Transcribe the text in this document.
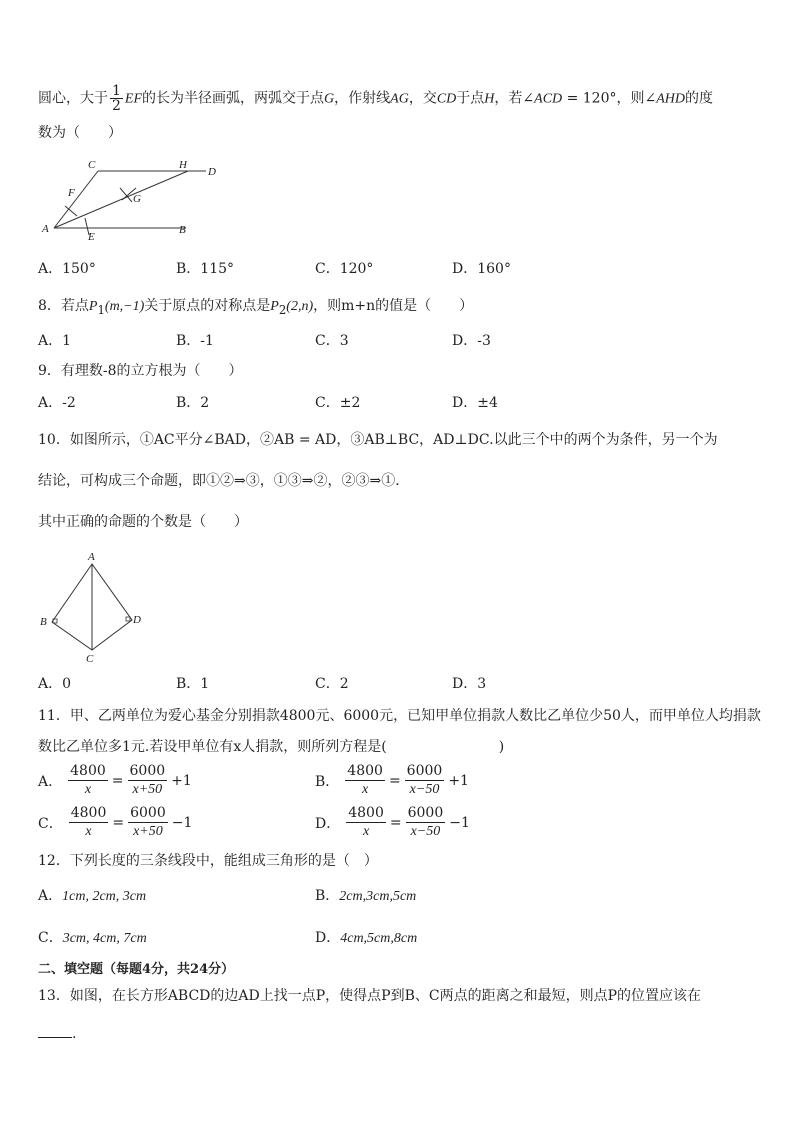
圆心，大于 $\frac{1}{2}$ EF的长为半径画弧，两弧交于点G，作射线AG，交CD于点H，若∠ACD = 120°，则∠AHD的度
数为（　　）
C	H
D
F	G
A
E
B
A．150°	B．115°	C．120°	D．160°
8．若点$P_1(m,-1)$关于原点的对称点是$P_2(2,n)$，则m+n的值是（　　）
A．1	B．-1	C．3	D．-3
9．有理数-8的立方根为（　　）
A．-2	B．2	C．±2	D．±4
10．如图所示，①AC平分∠BAD，②AB = AD，③AB⊥BC，AD⊥DC.以此三个中的两个为条件，另一个为
结论，可构成三个命题，即①②⇒③，①③⇒②，②③⇒①．
其中正确的命题的个数是（　　）
A
B
C
D
A．0	B．1	C．2	D．3
11．甲、乙两单位为爱心基金分别捐款4800元、6000元，已知甲单位捐款人数比乙单位少50人，而甲单位人均捐款
数比乙单位多1元.若设甲单位有x人捐款，则所列方程是(　　　　　　　　)
A． $\frac{4800}{x} = \frac{6000}{x+50} +1$	B． $\frac{4800}{x} = \frac{6000}{x-50} +1$
C． $\frac{4800}{x} = \frac{6000}{x+50} -1$	D． $\frac{4800}{x} = \frac{6000}{x-50} -1$
12．下列长度的三条线段中，能组成三角形的是（　）
A．1cm, 2cm, 3cm	B．2cm,3cm,5cm
C．3cm, 4cm, 7cm	D．4cm,5cm,8cm
二、填空题（每题4分，共24分）
13．如图，在长方形ABCD的边AD上找一点P，使得点P到B、C两点的距离之和最短，则点P的位置应该在
.
